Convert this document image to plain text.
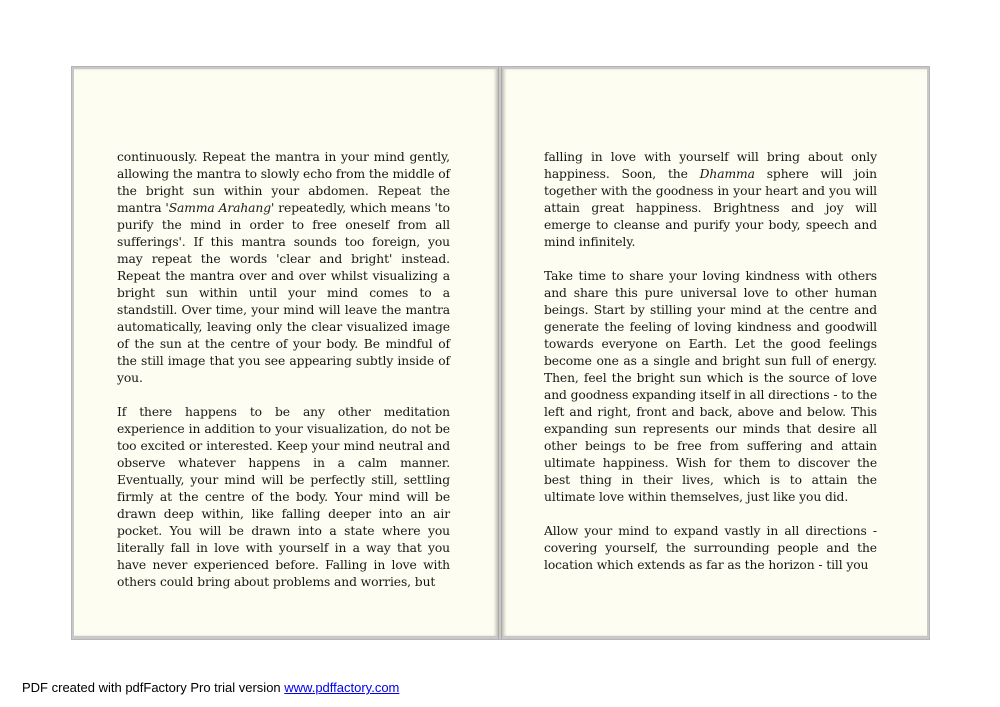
continuously. Repeat the mantra in your mind gently, allowing the mantra to slowly echo from the middle of the bright sun within your abdomen. Repeat the mantra 'Samma Arahang' repeatedly, which means 'to purify the mind in order to free oneself from all sufferings'. If this mantra sounds too foreign, you may repeat the words 'clear and bright' instead. Repeat the mantra over and over whilst visualizing a bright sun within until your mind comes to a standstill. Over time, your mind will leave the mantra automatically, leaving only the clear visualized image of the sun at the centre of your body. Be mindful of the still image that you see appearing subtly inside of you.

If there happens to be any other meditation experience in addition to your visualization, do not be too excited or interested. Keep your mind neutral and observe whatever happens in a calm manner. Eventually, your mind will be perfectly still, settling firmly at the centre of the body. Your mind will be drawn deep within, like falling deeper into an air pocket. You will be drawn into a state where you literally fall in love with yourself in a way that you have never experienced before. Falling in love with others could bring about problems and worries, but

falling in love with yourself will bring about only happiness. Soon, the Dhamma sphere will join together with the goodness in your heart and you will attain great happiness. Brightness and joy will emerge to cleanse and purify your body, speech and mind infinitely.

Take time to share your loving kindness with others and share this pure universal love to other human beings. Start by stilling your mind at the centre and generate the feeling of loving kindness and goodwill towards everyone on Earth. Let the good feelings become one as a single and bright sun full of energy. Then, feel the bright sun which is the source of love and goodness expanding itself in all directions - to the left and right, front and back, above and below. This expanding sun represents our minds that desire all other beings to be free from suffering and attain ultimate happiness. Wish for them to discover the best thing in their lives, which is to attain the ultimate love within themselves, just like you did.

Allow your mind to expand vastly in all directions - covering yourself, the surrounding people and the location which extends as far as the horizon - till you

PDF created with pdfFactory Pro trial version www.pdffactory.com
